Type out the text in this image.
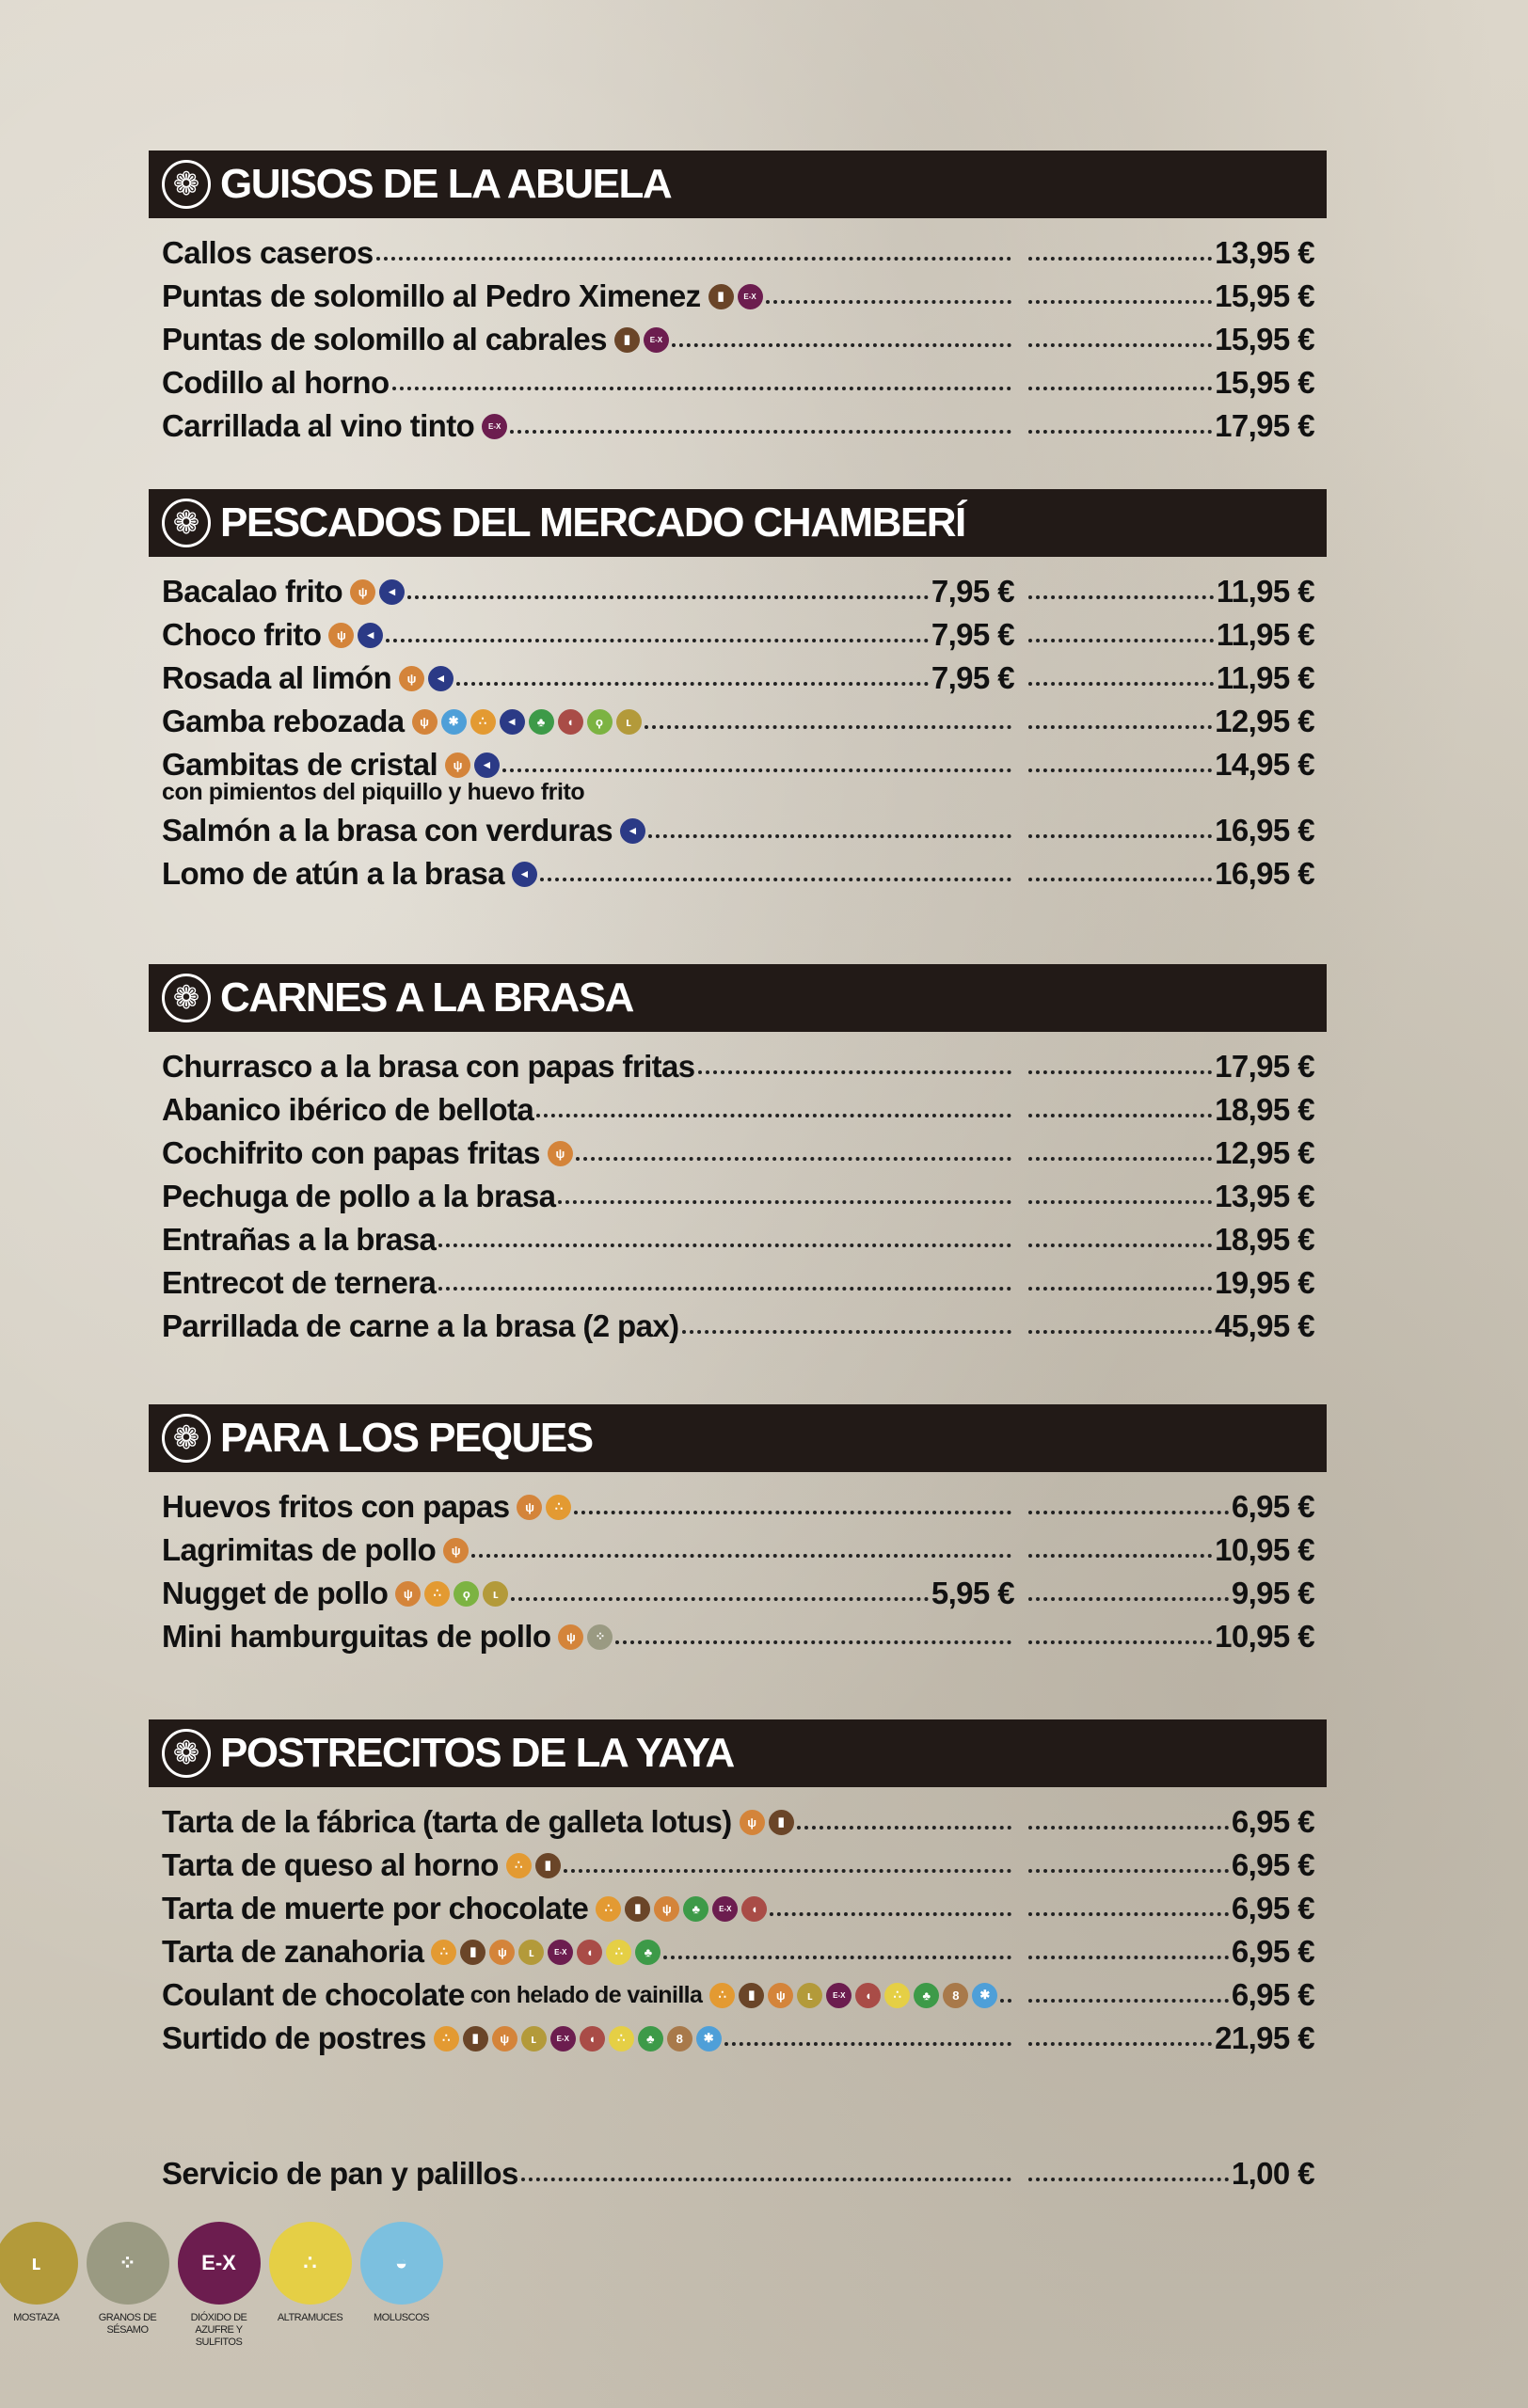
❁ GUISOS DE LA ABUELA
Callos caseros	13,95 €
Puntas de solomillo al Pedro Ximenez	▮	E-X	15,95 €
Puntas de solomillo al cabrales	▮	E-X	15,95 €
Codillo al horno	15,95 €
Carrillada al vino tinto	E-X	17,95 €
❁ PESCADOS DEL MERCADO CHAMBERÍ
Bacalao frito	ψ	◂	7,95 €	11,95 €
Choco frito	ψ	◂	7,95 €	11,95 €
Rosada al limón	ψ	◂	7,95 €	11,95 €
Gamba rebozada	ψ	✱	∴	◂	♣	◖	ϙ	ʟ	12,95 €
Gambitas de cristal	ψ	◂	14,95 €
con pimientos del piquillo y huevo frito
Salmón a la brasa con verduras	◂	16,95 €
Lomo de atún a la brasa	◂	16,95 €
❁ CARNES A LA BRASA
Churrasco a la brasa con papas fritas	17,95 €
Abanico ibérico de bellota	18,95 €
Cochifrito con papas fritas	ψ	12,95 €
Pechuga de pollo a la brasa	13,95 €
Entrañas a la brasa	18,95 €
Entrecot de ternera	19,95 €
Parrillada de carne a la brasa (2 pax)	45,95 €
❁ PARA LOS PEQUES
Huevos fritos con papas	ψ	∴	6,95 €
Lagrimitas de pollo	ψ	10,95 €
Nugget de pollo	ψ	∴	ϙ	ʟ	5,95 €	9,95 €
Mini hamburguitas de pollo	ψ	⁘	10,95 €
❁ POSTRECITOS DE LA YAYA
Tarta de la fábrica (tarta de galleta lotus)	ψ	▮	6,95 €
Tarta de queso al horno	∴	▮	6,95 €
Tarta de muerte por chocolate	∴	▮	ψ	♣	E-X	◖	6,95 €
Tarta de zanahoria	∴	▮	ψ	ʟ	E-X	◖	∴	♣	6,95 €
Coulant de chocolate con helado de vainilla	∴	▮	ψ	ʟ	E-X	◖	∴	♣	8	✱	6,95 €
Surtido de postres	∴	▮	ψ	ʟ	E-X	◖	∴	♣	8	✱	21,95 €
Servicio de pan y palillos	1,00 €
ʟ
MOSTAZA
⁘
GRANOS DE SÉSAMO
E-X
DIÓXIDO DE AZUFRE Y SULFITOS
∴
ALTRAMUCES
◒
MOLUSCOS
